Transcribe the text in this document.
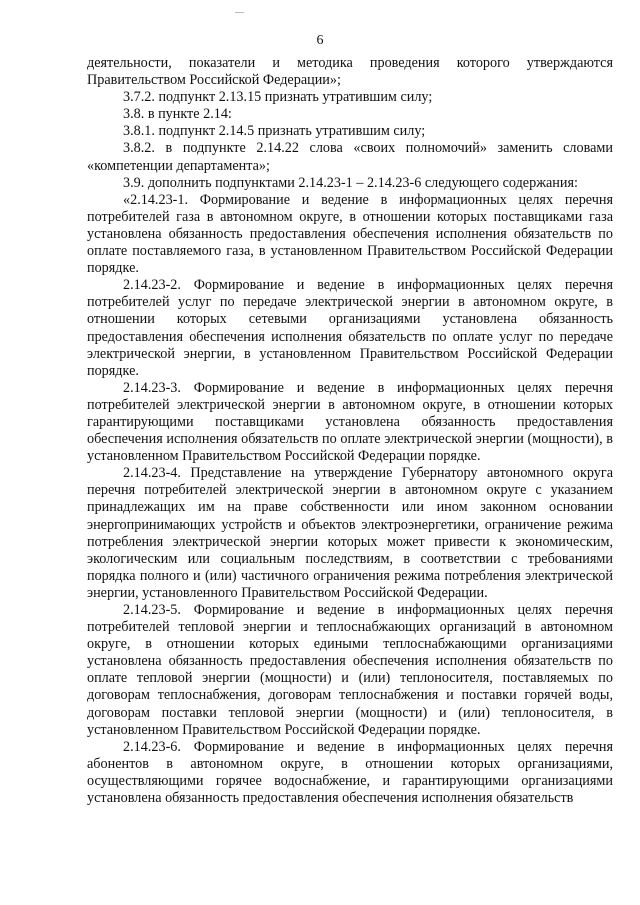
6

деятельности, показатели и методика проведения которого утверждаются Правительством Российской Федерации»;

3.7.2. подпункт 2.13.15 признать утратившим силу;

3.8. в пункте 2.14:

3.8.1. подпункт 2.14.5 признать утратившим силу;

3.8.2. в подпункте 2.14.22 слова «своих полномочий» заменить словами «компетенции департамента»;

3.9. дополнить подпунктами 2.14.23-1 – 2.14.23-6 следующего содержания:

«2.14.23-1. Формирование и ведение в информационных целях перечня потребителей газа в автономном округе, в отношении которых поставщиками газа установлена обязанность предоставления обеспечения исполнения обязательств по оплате поставляемого газа, в установленном Правительством Российской Федерации порядке.

2.14.23-2. Формирование и ведение в информационных целях перечня потребителей услуг по передаче электрической энергии в автономном округе, в отношении которых сетевыми организациями установлена обязанность предоставления обеспечения исполнения обязательств по оплате услуг по передаче электрической энергии, в установленном Правительством Российской Федерации порядке.

2.14.23-3. Формирование и ведение в информационных целях перечня потребителей электрической энергии в автономном округе, в отношении которых гарантирующими поставщиками установлена обязанность предоставления обеспечения исполнения обязательств по оплате электрической энергии (мощности), в установленном Правительством Российской Федерации порядке.

2.14.23-4. Представление на утверждение Губернатору автономного округа перечня потребителей электрической энергии в автономном округе с указанием принадлежащих им на праве собственности или ином законном основании энергопринимающих устройств и объектов электроэнергетики, ограничение режима потребления электрической энергии которых может привести к экономическим, экологическим или социальным последствиям, в соответствии с требованиями порядка полного и (или) частичного ограничения режима потребления электрической энергии, установленного Правительством Российской Федерации.

2.14.23-5. Формирование и ведение в информационных целях перечня потребителей тепловой энергии и теплоснабжающих организаций в автономном округе, в отношении которых едиными теплоснабжающими организациями установлена обязанность предоставления обеспечения исполнения обязательств по оплате тепловой энергии (мощности) и (или) теплоносителя, поставляемых по договорам теплоснабжения, договорам теплоснабжения и поставки горячей воды, договорам поставки тепловой энергии (мощности) и (или) теплоносителя, в установленном Правительством Российской Федерации порядке.

2.14.23-6. Формирование и ведение в информационных целях перечня абонентов в автономном округе, в отношении которых организациями, осуществляющими горячее водоснабжение, и гарантирующими организациями установлена обязанность предоставления обеспечения исполнения обязательств
